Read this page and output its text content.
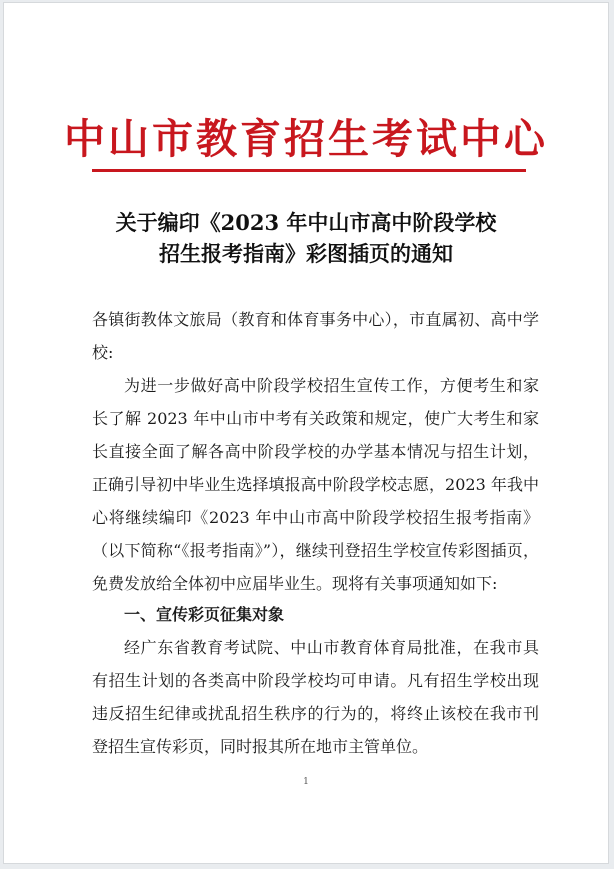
中山市教育招生考试中心
关于编印《2023 年中山市高中阶段学校
招生报考指南》彩图插页的通知
各镇街教体文旅局（教育和体育事务中心），市直属初、高中学校:
为进一步做好高中阶段学校招生宣传工作，方便考生和家长了解 2023 年中山市中考有关政策和规定，使广大考生和家长直接全面了解各高中阶段学校的办学基本情况与招生计划，正确引导初中毕业生选择填报高中阶段学校志愿，2023 年我中心将继续编印《2023 年中山市高中阶段学校招生报考指南》（以下简称“《报考指南》”），继续刊登招生学校宣传彩图插页，免费发放给全体初中应届毕业生。现将有关事项通知如下:
一、宣传彩页征集对象
经广东省教育考试院、中山市教育体育局批准，在我市具有招生计划的各类高中阶段学校均可申请。凡有招生学校出现违反招生纪律或扰乱招生秩序的行为的，将终止该校在我市刊登招生宣传彩页，同时报其所在地市主管单位。
1
